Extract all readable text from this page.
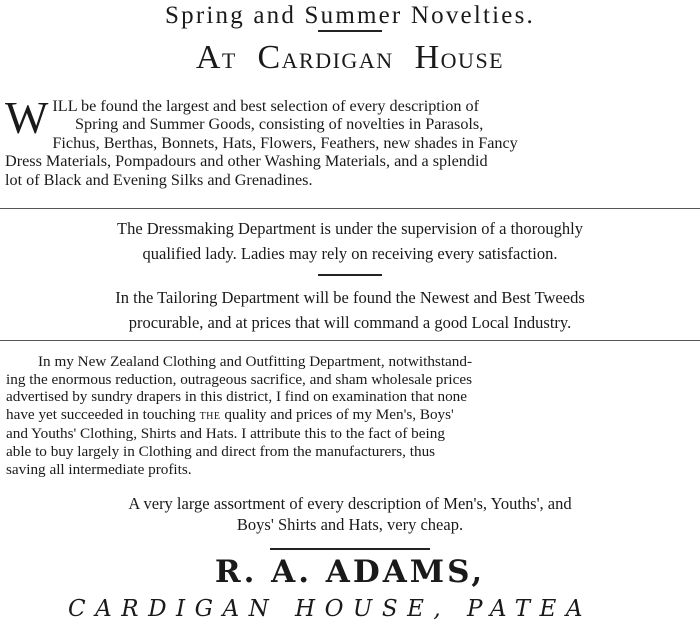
Spring and Summer Novelties.
AT CARDIGAN HOUSE
W ILL be found the largest and best selection of every description of
Spring and Summer Goods, consisting of novelties in Parasols,
Fichus, Berthas, Bonnets, Hats, Flowers, Feathers, new shades in Fancy
Dress Materials, Pompadours and other Washing Materials, and a splendid
lot of Black and Evening Silks and Grenadines.
The Dressmaking Department is under the supervision of a thoroughly
qualified lady. Ladies may rely on receiving every satisfaction.
In the Tailoring Department will be found the Newest and Best Tweeds
procurable, and at prices that will command a good Local Industry.
In my New Zealand Clothing and Outfitting Department, notwithstand-
ing the enormous reduction, outrageous sacrifice, and sham wholesale prices
advertised by sundry drapers in this district, I find on examination that none
have yet succeeded in touching THE quality and prices of my Men's, Boys'
and Youths' Clothing, Shirts and Hats. I attribute this to the fact of being
able to buy largely in Clothing and direct from the manufacturers, thus
saving all intermediate profits.
A very large assortment of every description of Men's, Youths', and
Boys' Shirts and Hats, very cheap.
R. A. ADAMS,
CARDIGAN HOUSE, PATEA
